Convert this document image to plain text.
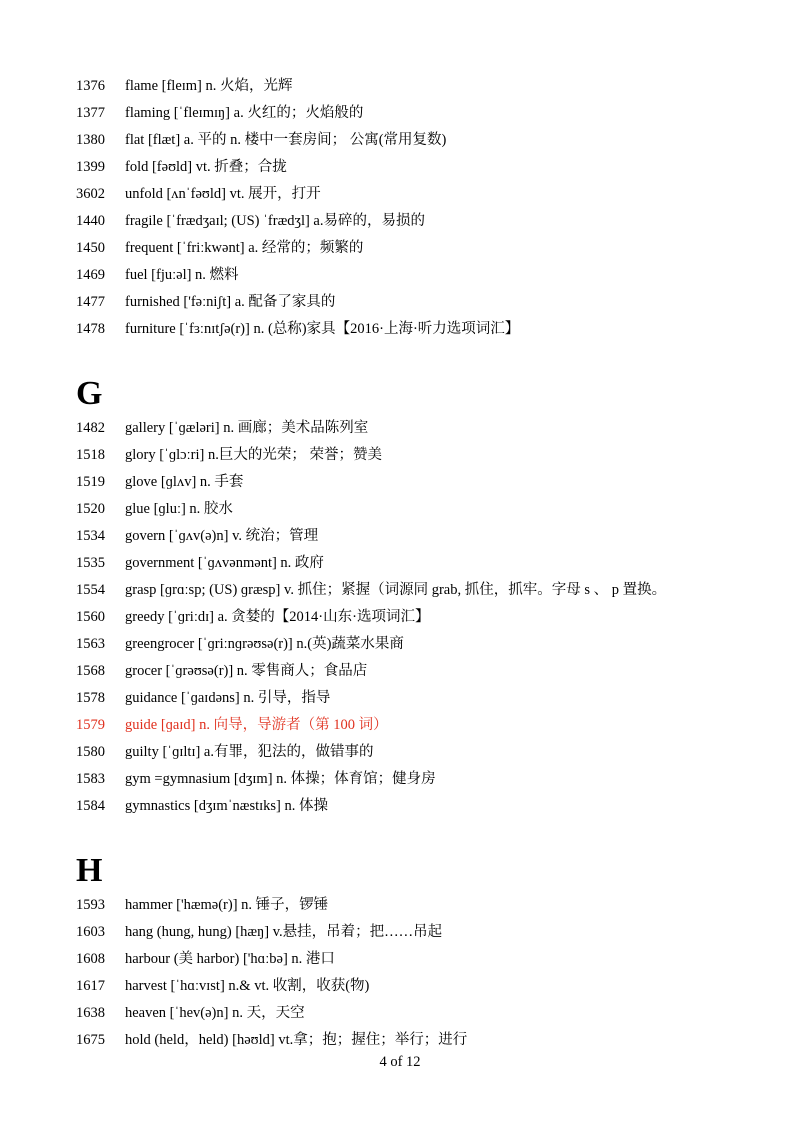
1376 flame [fleɪm] n. 火焰，光辉
1377 flaming [ˈfleɪmɪŋ] a. 火红的；火焰般的
1380 flat [flæt] a. 平的 n. 楼中一套房间； 公寓(常用复数)
1399 fold [fəʊld] vt. 折叠；合拢
3602 unfold [ʌnˈfəʊld] vt. 展开，打开
1440 fragile [ˈfrædʒaɪl; (US) ˈfrædʒl] a.易碎的，易损的
1450 frequent [ˈfriːkwənt] a. 经常的；频繁的
1469 fuel [fjuːəl] n. 燃料
1477 furnished ['fəːniʃt] a. 配备了家具的
1478 furniture [ˈfɜːnɪtʃə(r)] n. (总称)家具【2016·上海·听力选项词汇】
G
1482 gallery [ˈɡæləri] n. 画廊；美术品陈列室
1518 glory [ˈɡlɔːri] n.巨大的光荣； 荣誉；赞美
1519 glove [ɡlʌv] n. 手套
1520 glue [ɡluː] n. 胶水
1534 govern [ˈɡʌv(ə)n] v. 统治；管理
1535 government [ˈɡʌvənmənt] n. 政府
1554 grasp [ɡrɑːsp; (US) ɡræsp] v. 抓住；紧握（词源同 grab, 抓住，抓牢。字母 s 、 p 置换。
1560 greedy [ˈɡriːdɪ] a. 贪婪的【2014·山东·选项词汇】
1563 greengrocer [ˈɡriːnɡrəʊsə(r)] n.(英)蔬菜水果商
1568 grocer [ˈɡrəʊsə(r)] n. 零售商人；食品店
1578 guidance [ˈɡaɪdəns] n. 引导，指导
1579 guide [ɡaɪd] n. 向导，导游者（第 100 词）
1580 guilty [ˈɡɪltɪ] a.有罪，犯法的，做错事的
1583 gym =gymnasium [dʒɪm] n. 体操；体育馆；健身房
1584 gymnastics [dʒɪmˈnæstɪks] n. 体操
H
1593 hammer ['hæmə(r)] n. 锤子，锣锤
1603 hang (hung, hung) [hæŋ] v.悬挂，吊着；把……吊起
1608 harbour (美 harbor) ['hɑːbə] n. 港口
1617 harvest [ˈhɑːvɪst] n.& vt. 收割，收获(物)
1638 heaven [ˈhev(ə)n] n. 天，天空
1675 hold (held，held) [həʊld] vt.拿；抱；握住；举行；进行
4 of 12
